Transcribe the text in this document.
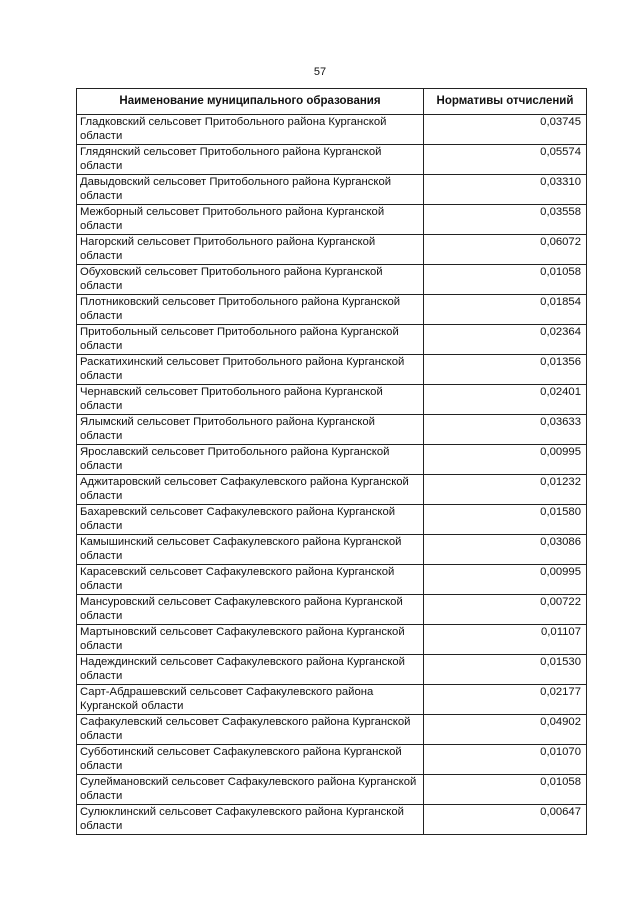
57
Наименование муниципального образования	Нормативы отчислений
Гладковский сельсовет Притобольного района Курганской области	0,03745
Глядянский сельсовет Притобольного района Курганской области	0,05574
Давыдовский сельсовет Притобольного района Курганской области	0,03310
Межборный сельсовет Притобольного района Курганской области	0,03558
Нагорский сельсовет Притобольного района Курганской области	0,06072
Обуховский сельсовет Притобольного района Курганской области	0,01058
Плотниковский сельсовет Притобольного района Курганской области	0,01854
Притобольный сельсовет Притобольного района Курганской области	0,02364
Раскатихинский сельсовет Притобольного района Курганской области	0,01356
Чернавский сельсовет Притобольного района Курганской области	0,02401
Ялымский сельсовет Притобольного района Курганской области	0,03633
Ярославский сельсовет Притобольного района Курганской области	0,00995
Аджитаровский сельсовет Сафакулевского района Курганской области	0,01232
Бахаревский сельсовет Сафакулевского района Курганской области	0,01580
Камышинский сельсовет Сафакулевского района Курганской области	0,03086
Карасевский сельсовет Сафакулевского района Курганской области	0,00995
Мансуровский сельсовет Сафакулевского района Курганской области	0,00722
Мартыновский сельсовет Сафакулевского района Курганской области	0,01107
Надеждинский сельсовет Сафакулевского района Курганской области	0,01530
Сарт-Абдрашевский сельсовет Сафакулевского района Курганской области	0,02177
Сафакулевский сельсовет Сафакулевского района Курганской области	0,04902
Субботинский сельсовет Сафакулевского района Курганской области	0,01070
Сулеймановский сельсовет Сафакулевского района Курганской области	0,01058
Сулюклинский сельсовет Сафакулевского района Курганской области	0,00647
